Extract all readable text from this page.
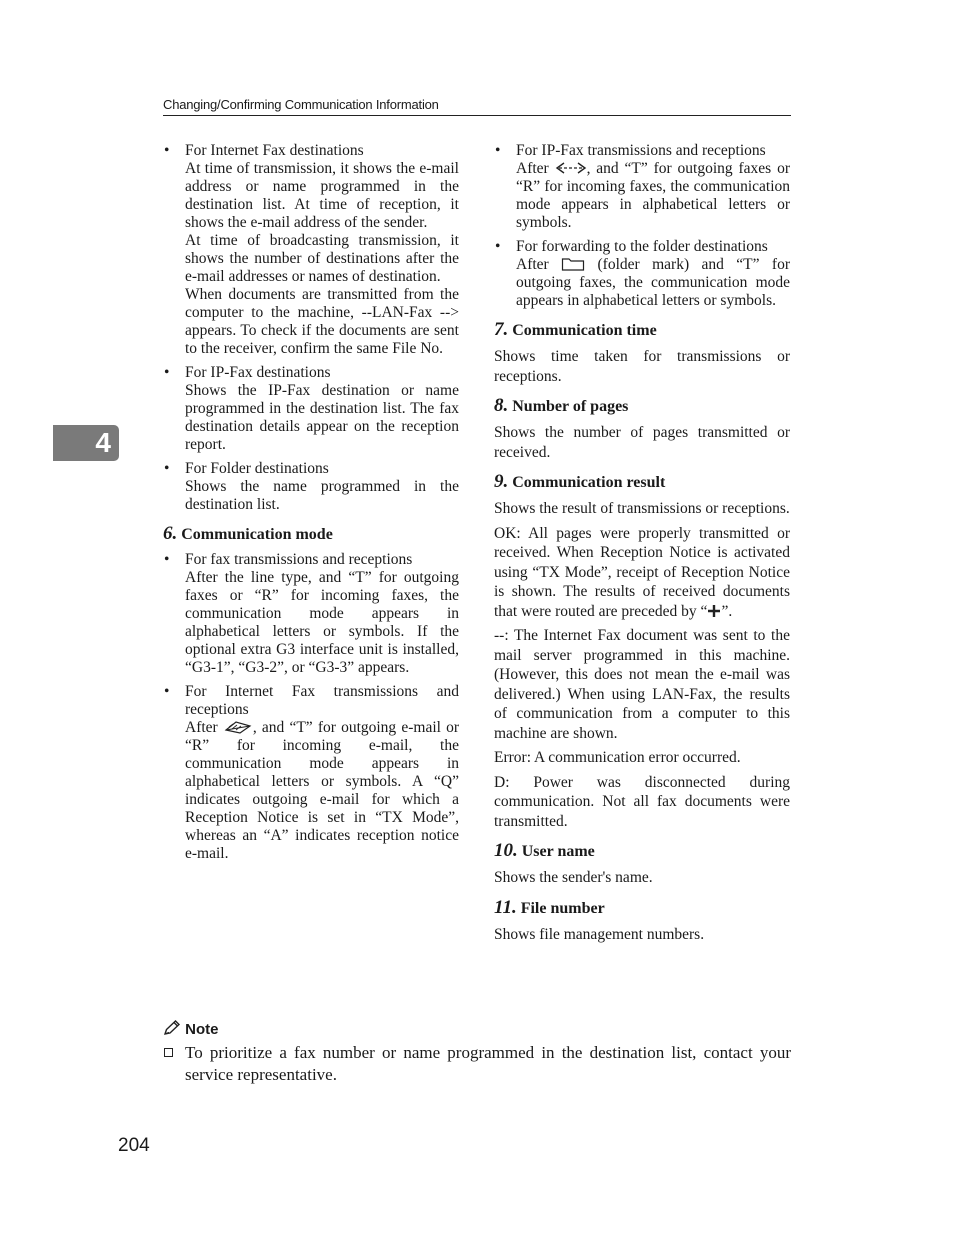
Changing/Confirming Communication Information
4
• For Internet Fax destinations

At time of transmission, it shows the e-mail address or name programmed in the destination list. At time of reception, it shows the e-mail address of the sender.

At time of broadcasting transmission, it shows the number of destinations after the e-mail addresses or names of destination.

When documents are transmitted from the computer to the machine, --LAN-Fax --> appears. To check if the documents are sent to the receiver, confirm the same File No.

• For IP-Fax destinations

Shows the IP-Fax destination or name programmed in the destination list. The fax destination details appear on the reception report.

• For Folder destinations

Shows the name programmed in the destination list.

6. Communication mode
• For fax transmissions and receptions

After the line type, and “T” for outgoing faxes or “R” for incoming faxes, the communication mode appears in alphabetical letters or symbols. If the optional extra G3 interface unit is installed, “G3-1”, “G3-2”, or “G3-3” appears.

• For Internet Fax transmissions and receptions

After , and “T” for outgoing e-mail or “R” for incoming e-mail, the communication mode appears in alphabetical letters or symbols. A “Q” indicates outgoing e-mail for which a Reception Notice is set in “TX Mode”, whereas an “A” indicates reception notice e-mail.

• For IP-Fax transmissions and receptions

After , and “T” for outgoing faxes or “R” for incoming faxes, the communication mode appears in alphabetical letters or symbols.

• For forwarding to the folder destinations

After	(folder mark) and “T” for outgoing faxes, the communication mode appears in alphabetical letters or symbols.

7. Communication time

Shows time taken for transmissions or receptions.

8. Number of pages

Shows the number of pages transmitted or received.

9. Communication result

Shows the result of transmissions or receptions.

OK: All pages were properly transmitted or received. When Reception Notice is activated using “TX Mode”, receipt of Reception Notice is shown. The results of received documents that were routed are preceded by “ ”.

--: The Internet Fax document was sent to the mail server programmed in this machine. (However, this does not mean the e-mail was delivered.) When using LAN-Fax, the results of communication from a computer to this machine are shown.

Error: A communication error occurred.

D: Power was disconnected during communication. Not all fax documents were transmitted.

10. User name

Shows the sender's name.

11. File number

Shows file management numbers.

Note
To prioritize a fax number or name programmed in the destination list, contact your service representative.
204
